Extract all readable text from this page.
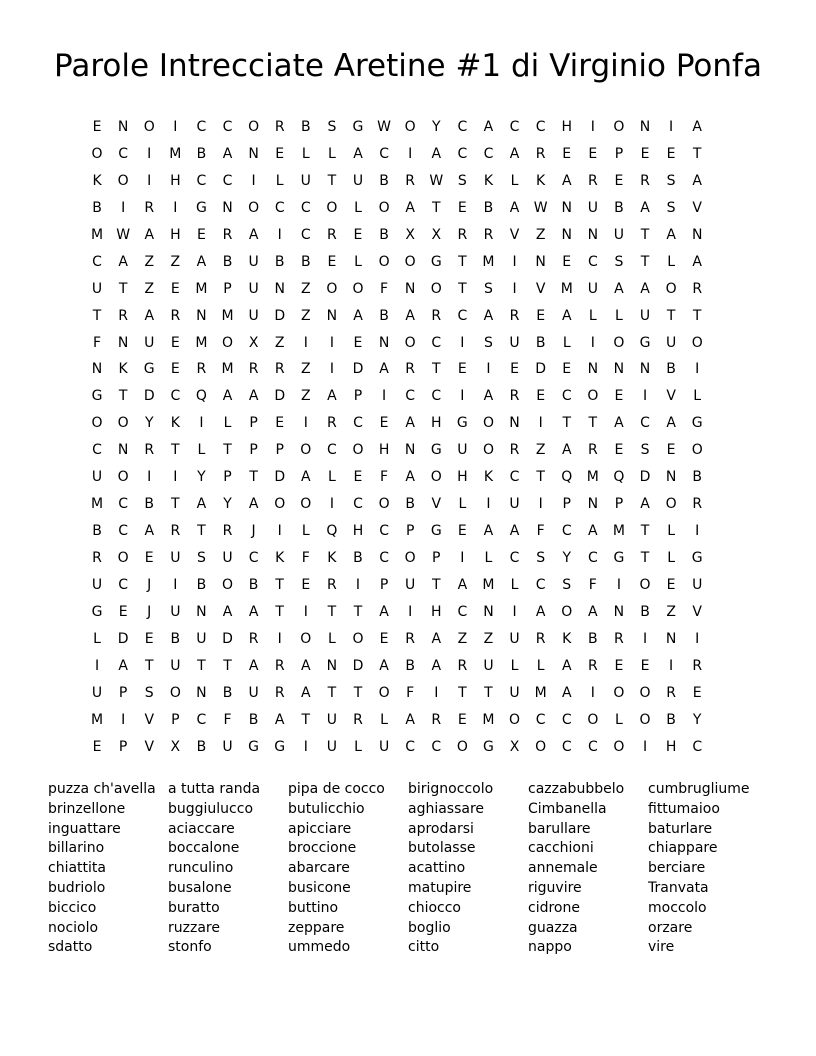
Parole Intrecciate Aretine #1 di Virginio Ponfa
E	N	O	I	C	C	O	R	B	S	G W O	Y	C	A	C	C	H	I	O	N	I	A
O	C	I	M	B	A	N	E	L	L	A	C	I	A	C	C	A	R	E	E	P	E	E	T
K	O	I	H	C	C	I	L	U	T	U	B	R	W	S	K	L	K	A	R	E	R	S	A
B	I	R	I	G	N	O	C	C	O	L	O	A	T	E	B	A	W N	U	B	A	S	V
M W	A	H	E	R	A	I	C	R	E	B	X	X	R	R	V	Z	N	N	U	T	A	N
C	A	Z	Z	A	B	U	B	B	E	L	O	O	G	T	M	I	N	E	C	S	T	L	A
U	T	Z	E	M	P	U	N	Z	O	O	F	N	O	T	S	I	V	M	U	A	A	O	R
T	R	A	R	N	M	U	D	Z	N	A	B	A	R	C	A	R	E	A	L	L	U	T	T
F	N	U	E	M	O	X	Z	I	I	E	N	O	C	I	S	U	B	L	I	O	G	U	O
N	K	G	E	R	M	R	R	Z	I	D	A	R	T	E	I	E	D	E	N	N	N	B	I
G	T	D	C	Q	A	A	D	Z	A	P	I	C	C	I	A	R	E	C	O	E	I	V	L
O	O	Y	K	I	L	P	E	I	R	C	E	A	H	G	O	N	I	T	T	A	C	A	G
C	N	R	T	L	T	P	P	O	C	O	H	N	G	U	O	R	Z	A	R	E	S	E	O
U	O	I	I	Y	P	T	D	A	L	E	F	A	O	H	K	C	T	Q	M	Q	D	N	B
M	C	B	T	A	Y	A	O	O	I	C	O	B	V	L	I	U	I	P	N	P	A	O	R
B	C	A	R	T	R	J	I	L	Q	H	C	P	G	E	A	A	F	C	A	M	T	L	I
R	O	E	U	S	U	C	K	F	K	B	C	O	P	I	L	C	S	Y	C	G	T	L	G
U	C	J	I	B	O	B	T	E	R	I	P	U	T	A	M	L	C	S	F	I	O	E	U
G	E	J	U	N	A	A	T	I	T	T	A	I	H	C	N	I	A	O	A	N	B	Z	V
L	D	E	B	U	D	R	I	O	L	O	E	R	A	Z	Z	U	R	K	B	R	I	N	I
I	A	T	U	T	T	A	R	A	N	D	A	B	A	R	U	L	L	A	R	E	E	I	R
U	P	S	O	N	B	U	R	A	T	T	O	F	I	T	T	U	M	A	I	O	O	R	E
M	I	V	P	C	F	B	A	T	U	R	L	A	R	E	M	O	C	C	O	L	O	B	Y
E	P	V	X	B	U	G	G	I	U	L	U	C	C	O	G	X	O	C	C	O	I	H	C
puzza ch'avella
brinzellone
inguattare
billarino
chiattita
budriolo
biccico
nociolo
sdatto
a tutta randa
buggiulucco
aciaccare
boccalone
runculino
busalone
buratto
ruzzare
stonfo
pipa de cocco
butulicchio
apicciare
broccione
abarcare
busicone
buttino
zeppare
ummedo
birignoccolo
aghiassare
aprodarsi
butolasse
acattino
matupire
chiocco
boglio
citto
cazzabubbelo
Cimbanella
barullare
cacchioni
annemale
riguvire
cidrone
guazza
nappo
cumbrugliume
fittumaioo
baturlare
chiappare
berciare
Tranvata
moccolo
orzare
vire
